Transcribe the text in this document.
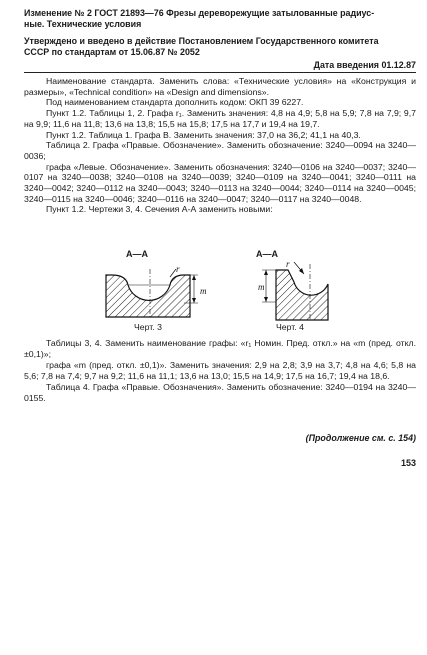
Изменение № 2 ГОСТ 21893—76 Фрезы дереворежущие затылованные радиус-

ные. Технические условия

Утверждено и введено в действие Постановлением Государственного комитета

СССР по стандартам от 15.06.87 № 2052

Дата введения 01.12.87

Наименование стандарта. Заменить слова: «Технические условия» на «Конструкция и размеры», «Technical condition» на «Design and dimensions».

Под наименованием стандарта дополнить кодом: ОКП 39 6227.

Пункт 1.2. Таблицы 1, 2. Графа r₁. Заменить значения: 4,8 на 4,9; 5,8 на 5,9; 7,8 на 7,9; 9,7 на 9,9; 11,6 на 11,8; 13,6 на 13,8; 15,5 на 15,8; 17,5 на 17,7 и 19,4 на 19,7.

Пункт 1.2. Таблица 1. Графа B. Заменить значения: 37,0 на 36,2; 41,1 на 40,3.

Таблица 2. Графа «Правые. Обозначение». Заменить обозначение: 3240—0094 на 3240—0036;

графа «Левые. Обозначение». Заменить обозначения: 3240—0106 на 3240—0037; 3240—0107 на 3240—0038; 3240—0108 на 3240—0039; 3240—0109 на 3240—0041; 3240—0111 на 3240—0042; 3240—0112 на 3240—0043; 3240—0113 на 3240—0044; 3240—0114 на 3240—0045; 3240—0115 на 3240—0046; 3240—0116 на 3240—0047; 3240—0117 на 3240—0048.

Пункт 1.2. Чертежи 3, 4. Сечения А-А заменить новыми:

А—А
r
m
Черт. 3
А—А
r
m
Черт. 4

Таблицы 3, 4. Заменить наименование графы: «r₁ Номин. Пред. откл.» на «m (пред. откл. ±0,1)»;

графа «m (пред. откл. ±0,1)». Заменить значения: 2,9 на 2,8; 3,9 на 3,7; 4,8 на 4,6; 5,8 на 5,6; 7,8 на 7,4; 9,7 на 9,2; 11,6 на 11,1; 13,6 на 13,0; 15,5 на 14,9; 17,5 на 16,7; 19,4 на 18,6.

Таблица 4. Графа «Правые. Обозначения». Заменить обозначение: 3240—0194 на 3240—0155.

(Продолжение см. с. 154)
153
